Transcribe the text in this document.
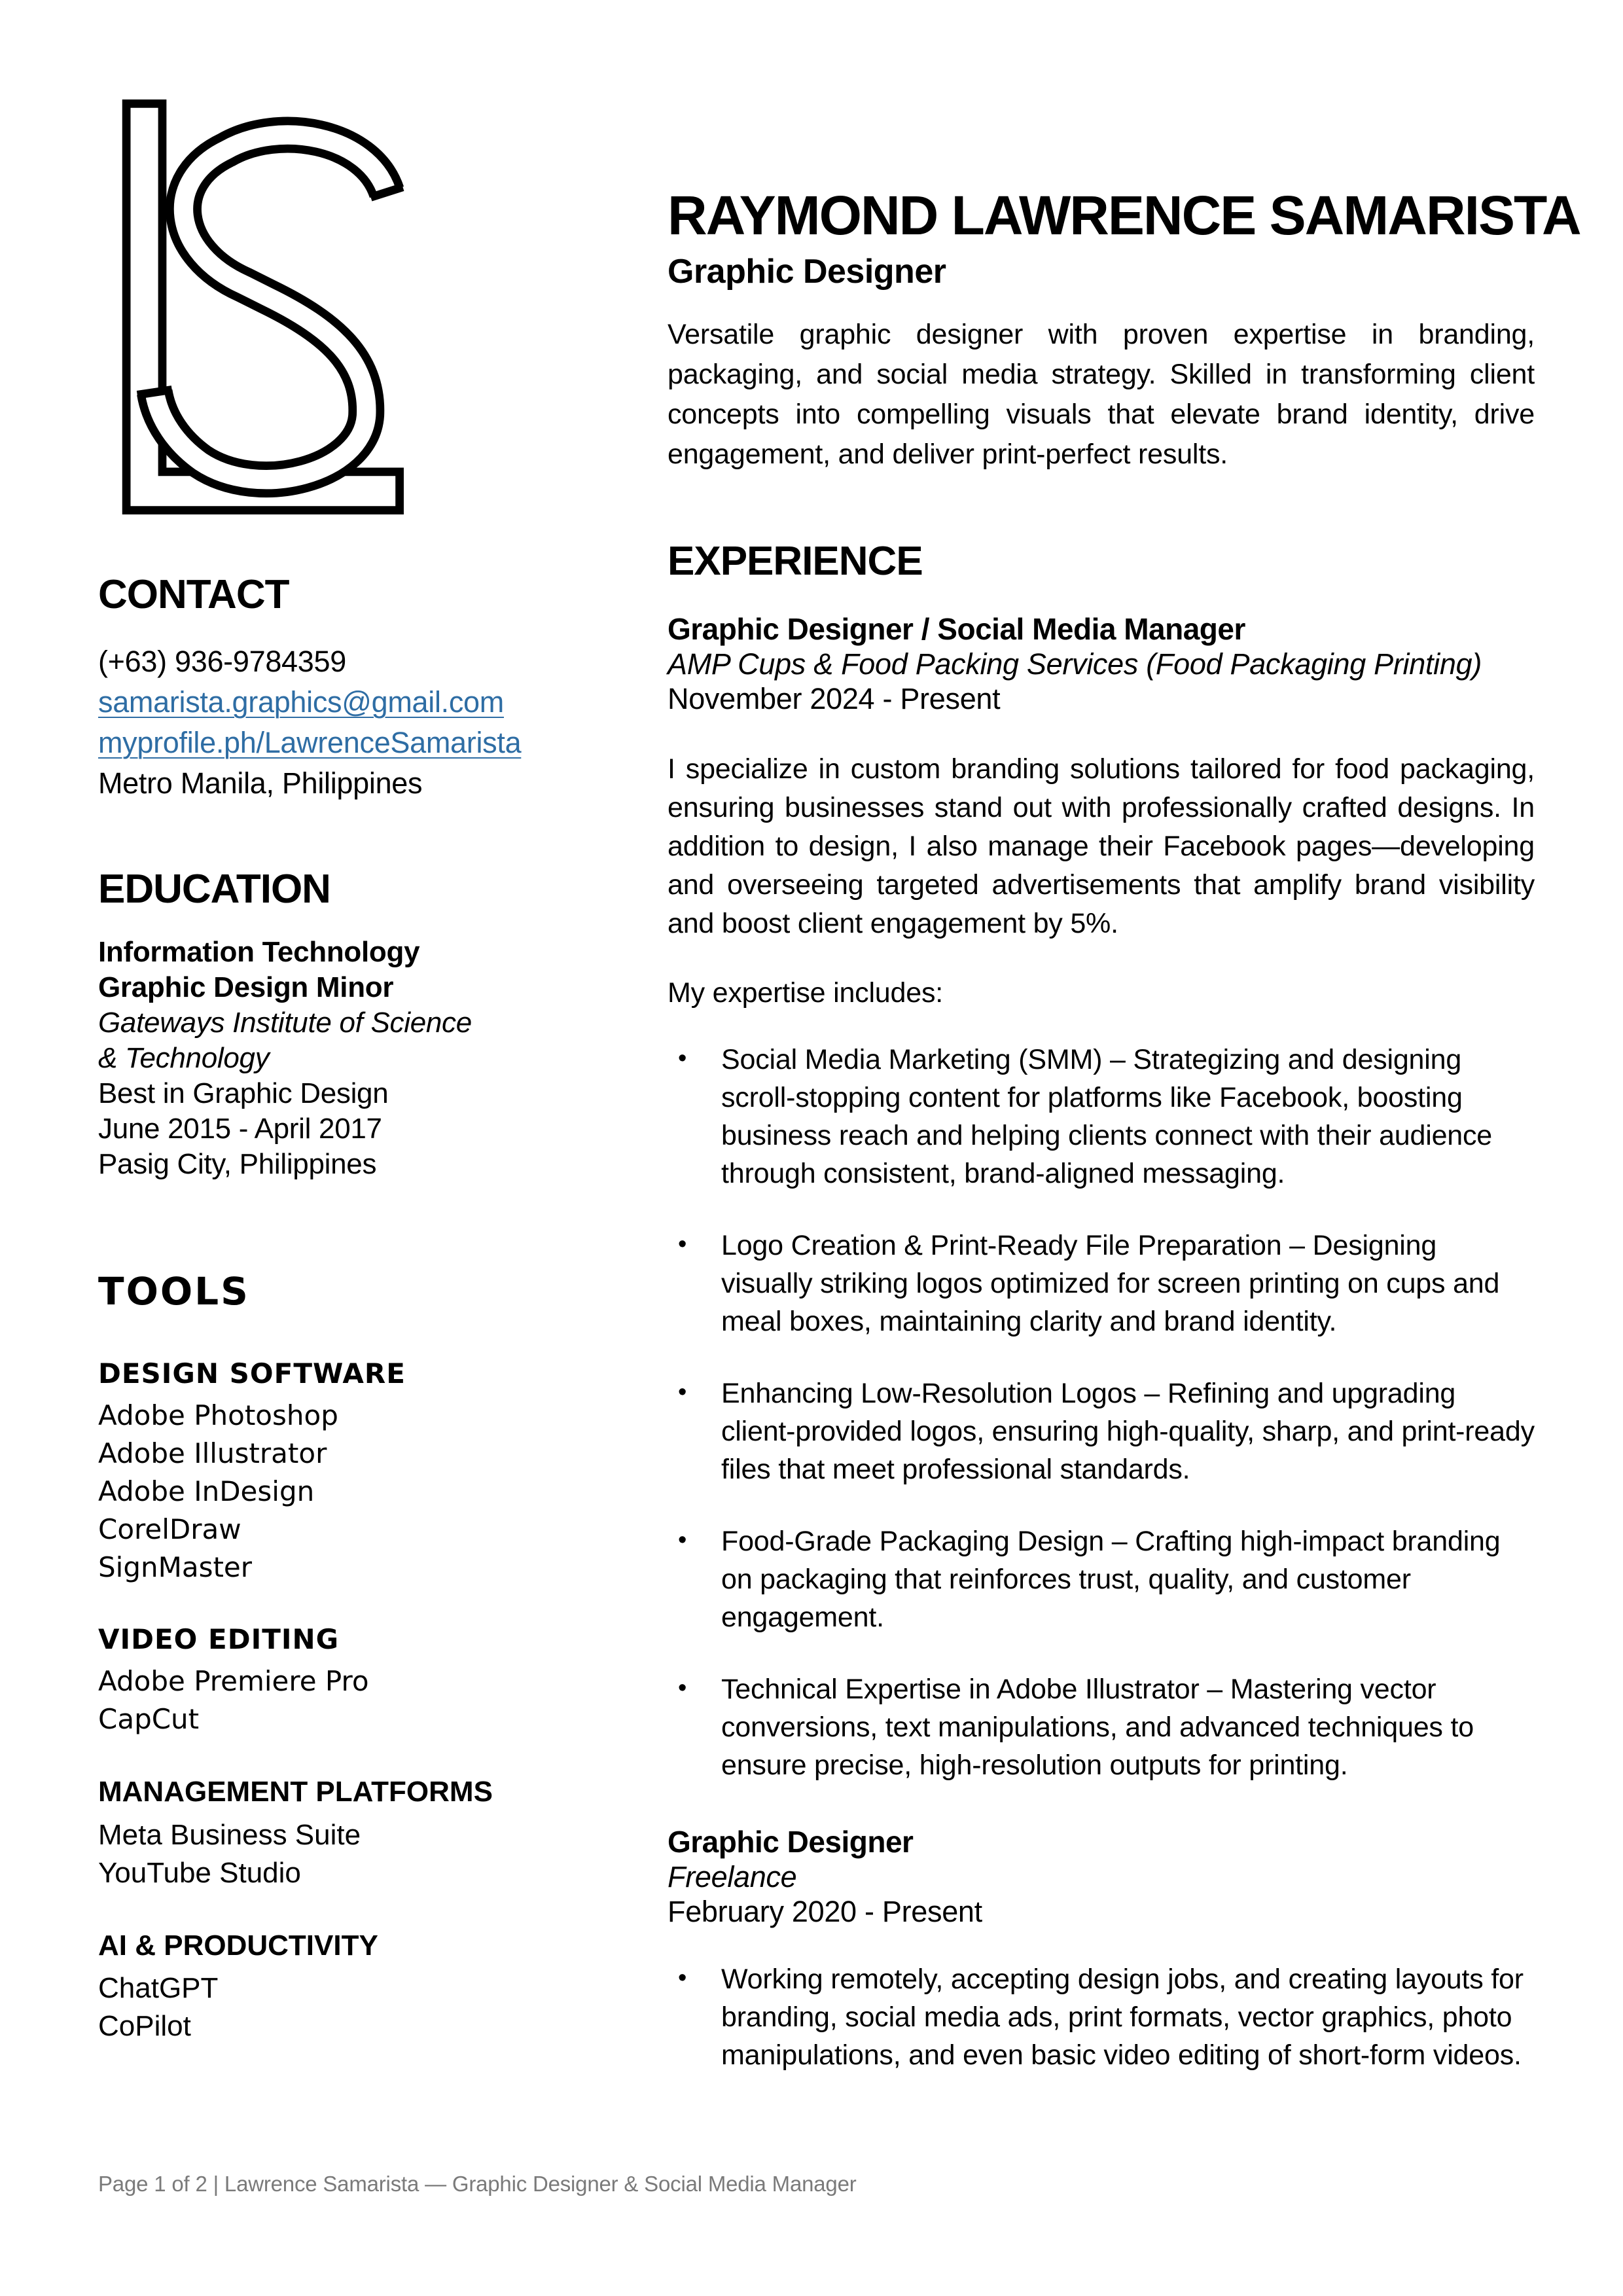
CONTACT
(+63) 936-9784359
samarista.graphics@gmail.com
myprofile.ph/LawrenceSamarista
Metro Manila, Philippines
EDUCATION
Information Technology
Graphic Design Minor
Gateways Institute of Science
& Technology
Best in Graphic Design
June 2015 - April 2017
Pasig City, Philippines
TOOLS
DESIGN SOFTWARE
Adobe Photoshop
Adobe Illustrator
Adobe InDesign
CorelDraw
SignMaster
VIDEO EDITING
Adobe Premiere Pro
CapCut
MANAGEMENT PLATFORMS
Meta Business Suite
YouTube Studio
AI & PRODUCTIVITY
ChatGPT
CoPilot
RAYMOND LAWRENCE SAMARISTA
Graphic Designer
Versatile graphic designer with proven expertise in branding, packaging, and social media strategy. Skilled in transforming client concepts into compelling visuals that elevate brand identity, drive engagement, and deliver print-perfect results.
EXPERIENCE
Graphic Designer / Social Media Manager
AMP Cups & Food Packing Services (Food Packaging Printing)
November 2024 - Present
I specialize in custom branding solutions tailored for food packaging, ensuring businesses stand out with professionally crafted designs. In addition to design, I also manage their Facebook pages—developing and overseeing targeted advertisements that amplify brand visibility and boost client engagement by 5%.
My expertise includes:
• Social Media Marketing (SMM) – Strategizing and designing scroll-stopping content for platforms like Facebook, boosting business reach and helping clients connect with their audience through consistent, brand-aligned messaging.
• Logo Creation & Print-Ready File Preparation – Designing visually striking logos optimized for screen printing on cups and meal boxes, maintaining clarity and brand identity.
• Enhancing Low-Resolution Logos – Refining and upgrading client-provided logos, ensuring high-quality, sharp, and print-ready files that meet professional standards.
• Food-Grade Packaging Design – Crafting high-impact branding on packaging that reinforces trust, quality, and customer engagement.
• Technical Expertise in Adobe Illustrator – Mastering vector conversions, text manipulations, and advanced techniques to ensure precise, high-resolution outputs for printing.
Graphic Designer
Freelance
February 2020 - Present
• Working remotely, accepting design jobs, and creating layouts for branding, social media ads, print formats, vector graphics, photo manipulations, and even basic video editing of short-form videos.
Page 1 of 2 | Lawrence Samarista — Graphic Designer & Social Media Manager
